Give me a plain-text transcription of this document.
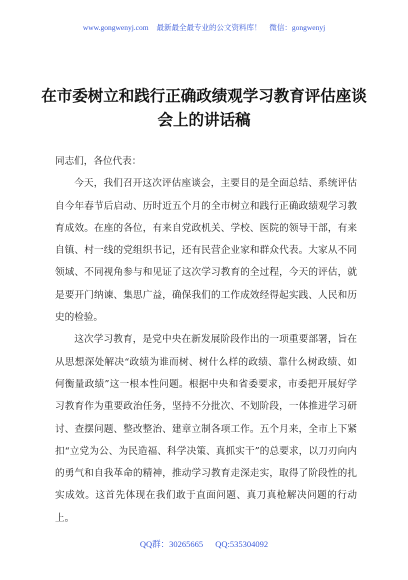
www.gongwenyj.com 最新最全最专业的公文资料库！ 微信：gongwenyj
在市委树立和践行正确政绩观学习教育评估座谈会上的讲话稿

同志们，各位代表：

今天，我们召开这次评估座谈会，主要目的是全面总结、系统评估自今年春节后启动、历时近五个月的全市树立和践行正确政绩观学习教育成效。在座的各位，有来自党政机关、学校、医院的领导干部，有来自镇、村一线的党组织书记，还有民营企业家和群众代表。大家从不同领域、不同视角参与和见证了这次学习教育的全过程，今天的评估，就是要开门纳谏、集思广益，确保我们的工作成效经得起实践、人民和历史的检验。

这次学习教育，是党中央在新发展阶段作出的一项重要部署，旨在从思想深处解决“政绩为谁而树、树什么样的政绩、靠什么树政绩、如何衡量政绩”这一根本性问题。根据中央和省委要求，市委把开展好学习教育作为重要政治任务，坚持不分批次、不划阶段，一体推进学习研讨、查摆问题、整改整治、建章立制各项工作。五个月来，全市上下紧扣“立党为公、为民造福、科学决策、真抓实干”的总要求，以刀刃向内的勇气和自我革命的精神，推动学习教育走深走实，取得了阶段性的扎实成效。这首先体现在我们敢于直面问题、真刀真枪解决问题的行动上。

QQ群：30265665 QQ:535304092
